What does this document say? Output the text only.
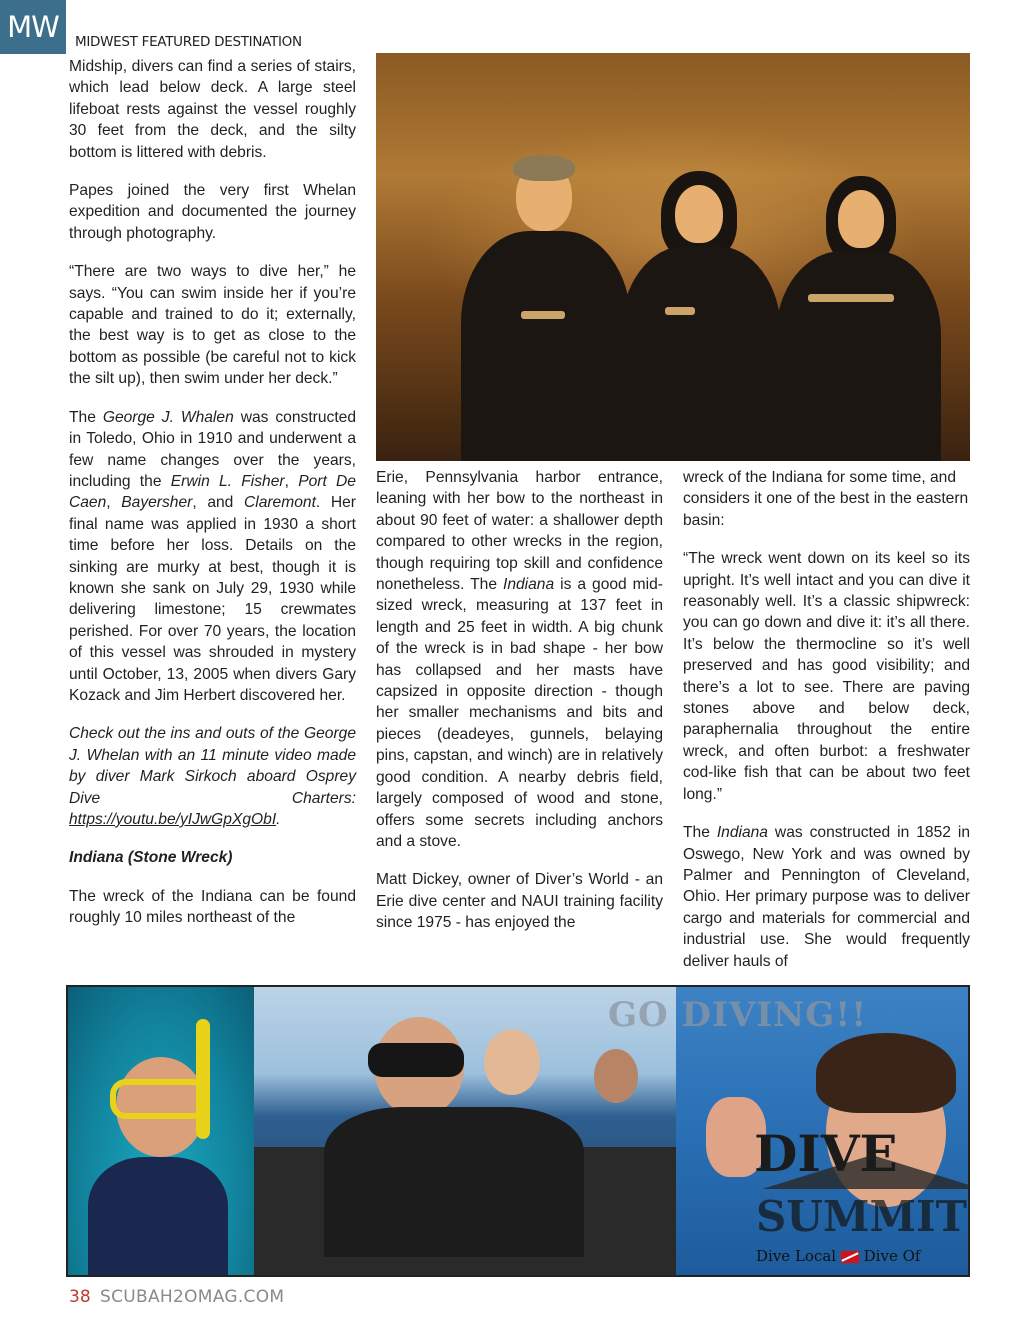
MW	MIDWEST FEATURED DESTINATION

Midship, divers can find a series of stairs, which lead below deck. A large steel lifeboat rests against the vessel roughly 30 feet from the deck, and the silty bottom is littered with debris.

Papes joined the very first Whelan expedition and documented the journey through photography.

“There are two ways to dive her,” he says. “You can swim inside her if you’re capable and trained to do it; externally, the best way is to get as close to the bottom as possible (be careful not to kick the silt up), then swim under her deck.”

The George J. Whalen was constructed in Toledo, Ohio in 1910 and underwent a few name changes over the years, including the Erwin L. Fisher, Port De Caen, Bayersher, and Claremont. Her final name was applied in 1930 a short time before her loss. Details on the sinking are murky at best, though it is known she sank on July 29, 1930 while delivering limestone; 15 crewmates perished. For over 70 years, the location of this vessel was shrouded in mystery until October, 13, 2005 when divers Gary Kozack and Jim Herbert discovered her.

Check out the ins and outs of the George J. Whelan with an 11 minute video made by diver Mark Sirkoch aboard Osprey Dive Charters: https://youtu.be/yIJwGpXgObI.

Indiana (Stone Wreck)

The wreck of the Indiana can be found roughly 10 miles northeast of the

Erie, Pennsylvania harbor entrance, leaning with her bow to the northeast in about 90 feet of water: a shallower depth compared to other wrecks in the region, though requiring top skill and confidence nonetheless. The Indiana is a good mid-sized wreck, measuring at 137 feet in length and 25 feet in width. A big chunk of the wreck is in bad shape - her bow has collapsed and her masts have capsized in opposite direction - though her smaller mechanisms and bits and pieces (deadeyes, gunnels, belaying pins, capstan, and winch) are in relatively good condition. A nearby debris field, largely composed of wood and stone, offers some secrets including anchors and a stove.

Matt Dickey, owner of Diver’s World - an Erie dive center and NAUI training facility since 1975 - has enjoyed the

wreck of the Indiana for some time, and considers it one of the best in the eastern basin:

“The wreck went down on its keel so its upright. It’s well intact and you can dive it reasonably well. It’s a classic shipwreck: you can go down and dive it: it’s all there. It’s below the thermocline so it’s well preserved and has good visibility; and there’s a lot to see. There are paving stones above and below deck, paraphernalia throughout the entire wreck, and often burbot: a freshwater cod-like fish that can be about two feet long.”

The Indiana was constructed in 1852 in Oswego, New York and was owned by Palmer and Pennington of Cleveland, Ohio. Her primary purpose was to deliver cargo and materials for commercial and industrial use. She would frequently deliver hauls of

GO DIVING!!
DIVE
SUMMIT
Dive Local Dive Of
38 SCUBAH2OMAG.COM
